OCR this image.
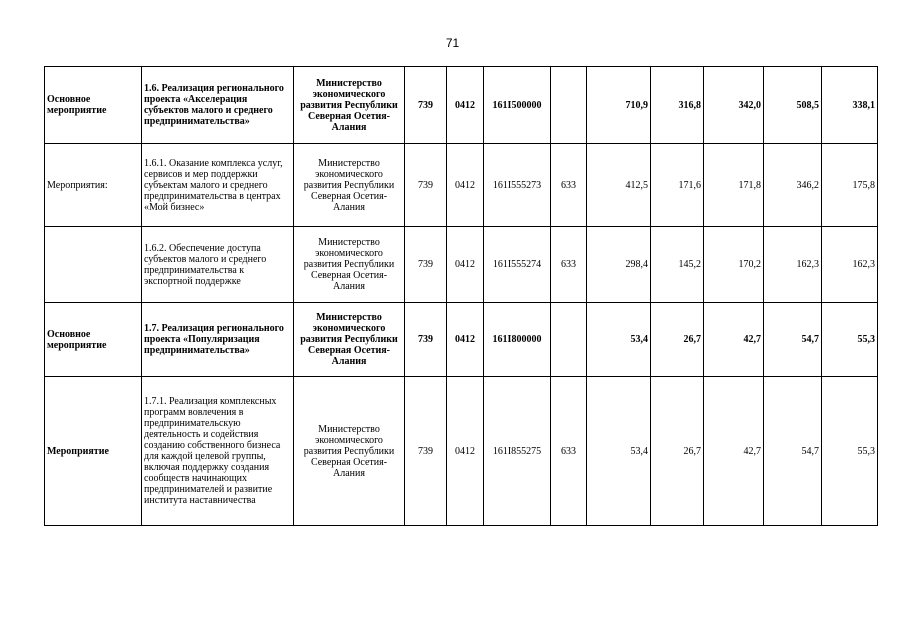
71
Основное мероприятие	1.6. Реализация регионального проекта «Акселерация субъектов малого и среднего предпринимательства»	Министерство экономического развития Республики Северная Осетия-Алания	739	0412	161I500000		710,9	316,8	342,0	508,5	338,1
Мероприятия:	1.6.1. Оказание комплекса услуг, сервисов и мер поддержки субъектам малого и среднего предпринимательства в центрах «Мой бизнес»	Министерство экономического развития Республики Северная Осетия-Алания	739	0412	161I555273	633	412,5	171,6	171,8	346,2	175,8
	1.6.2. Обеспечение доступа субъектов малого и среднего предпринимательства к экспортной поддержке	Министерство экономического развития Республики Северная Осетия-Алания	739	0412	161I555274	633	298,4	145,2	170,2	162,3	162,3
Основное мероприятие	1.7. Реализация регионального проекта «Популяризация предпринимательства»	Министерство экономического развития Республики Северная Осетия-Алания	739	0412	161I800000		53,4	26,7	42,7	54,7	55,3
Мероприятие	1.7.1. Реализация комплексных программ вовлечения в предпринимательскую деятельность и содействия созданию собственного бизнеса для каждой целевой группы, включая поддержку создания сообществ начинающих предпринимателей и развитие института наставничества	Министерство экономического развития Республики Северная Осетия-Алания	739	0412	161I855275	633	53,4	26,7	42,7	54,7	55,3
